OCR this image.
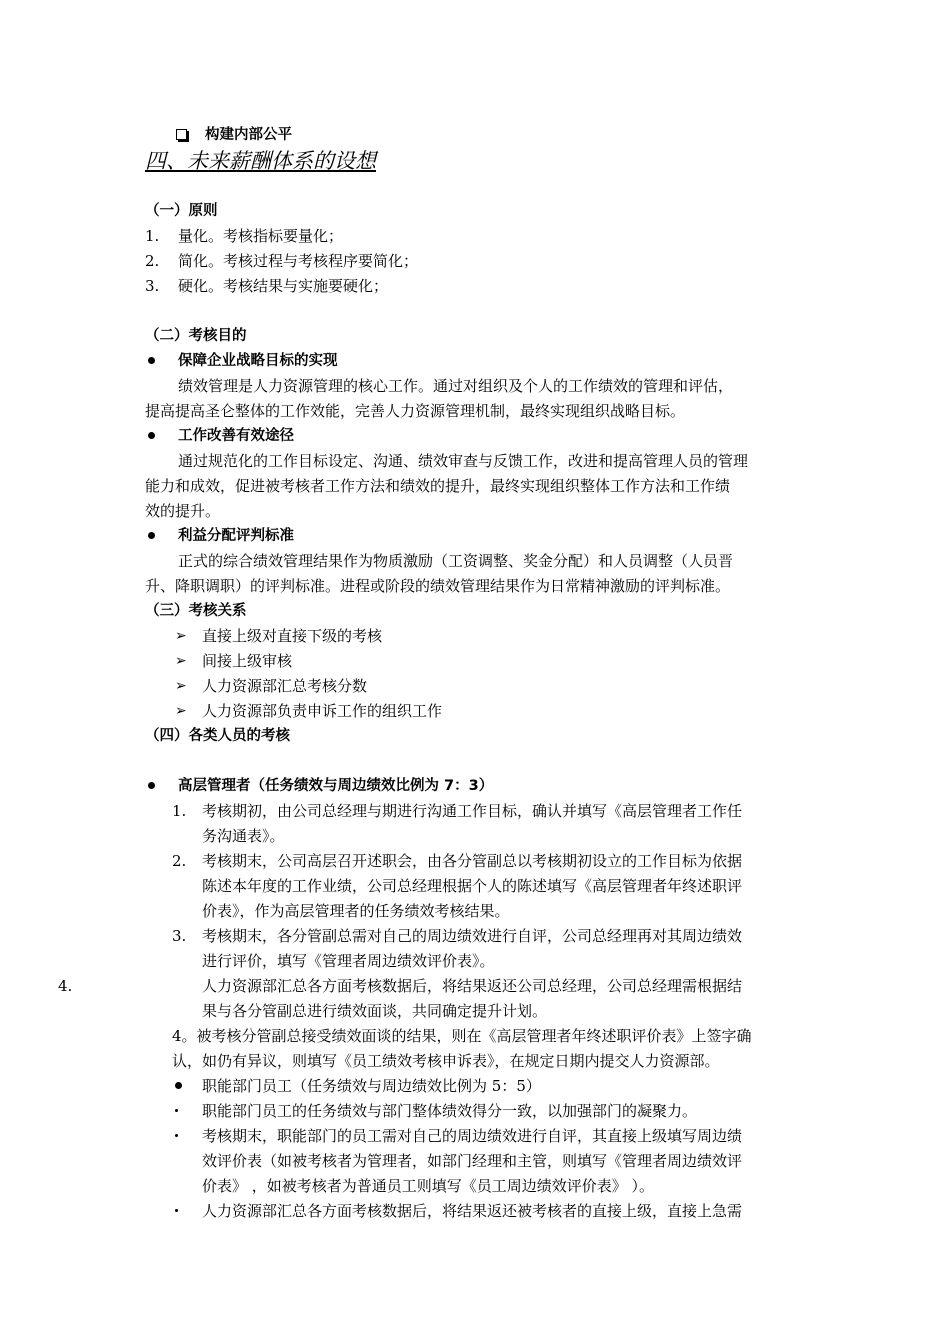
构建内部公平
四、未来薪酬体系的设想
（一）原则
1. 量化。考核指标要量化；
2. 简化。考核过程与考核程序要简化；
3. 硬化。考核结果与实施要硬化；
（二）考核目的
保障企业战略目标的实现
绩效管理是人力资源管理的核心工作。通过对组织及个人的工作绩效的管理和评估，
提高提高圣仑整体的工作效能，完善人力资源管理机制，最终实现组织战略目标。
工作改善有效途径
通过规范化的工作目标设定、沟通、绩效审查与反馈工作，改进和提高管理人员的管理
能力和成效，促进被考核者工作方法和绩效的提升，最终实现组织整体工作方法和工作绩
效的提升。
利益分配评判标准
正式的综合绩效管理结果作为物质激励（工资调整、奖金分配）和人员调整（人员晋
升、降职调职）的评判标准。进程或阶段的绩效管理结果作为日常精神激励的评判标准。
（三）考核关系
➢ 直接上级对直接下级的考核
➢ 间接上级审核
➢ 人力资源部汇总考核分数
➢ 人力资源部负责申诉工作的组织工作
（四）各类人员的考核
高层管理者（任务绩效与周边绩效比例为 7：3）
1. 考核期初，由公司总经理与期进行沟通工作目标，确认并填写《高层管理者工作任
务沟通表》。
2. 考核期末，公司高层召开述职会，由各分管副总以考核期初设立的工作目标为依据
陈述本年度的工作业绩，公司总经理根据个人的陈述填写《高层管理者年终述职评
价表》，作为高层管理者的任务绩效考核结果。
3. 考核期末，各分管副总需对自己的周边绩效进行自评，公司总经理再对其周边绩效
进行评价，填写《管理者周边绩效评价表》。
4.	人力资源部汇总各方面考核数据后，将结果返还公司总经理，公司总经理需根据结
果与各分管副总进行绩效面谈，共同确定提升计划。
4。被考核分管副总接受绩效面谈的结果，则在《高层管理者年终述职评价表》上签字确
认，如仍有异议，则填写《员工绩效考核申诉表》，在规定日期内提交人力资源部。
职能部门员工（任务绩效与周边绩效比例为 5：5）
职能部门员工的任务绩效与部门整体绩效得分一致，以加强部门的凝聚力。
考核期末，职能部门的员工需对自己的周边绩效进行自评，其直接上级填写周边绩
效评价表（如被考核者为管理者，如部门经理和主管，则填写《管理者周边绩效评
价表》 ，如被考核者为普通员工则填写《员工周边绩效评价表》 ）。
人力资源部汇总各方面考核数据后，将结果返还被考核者的直接上级，直接上急需
